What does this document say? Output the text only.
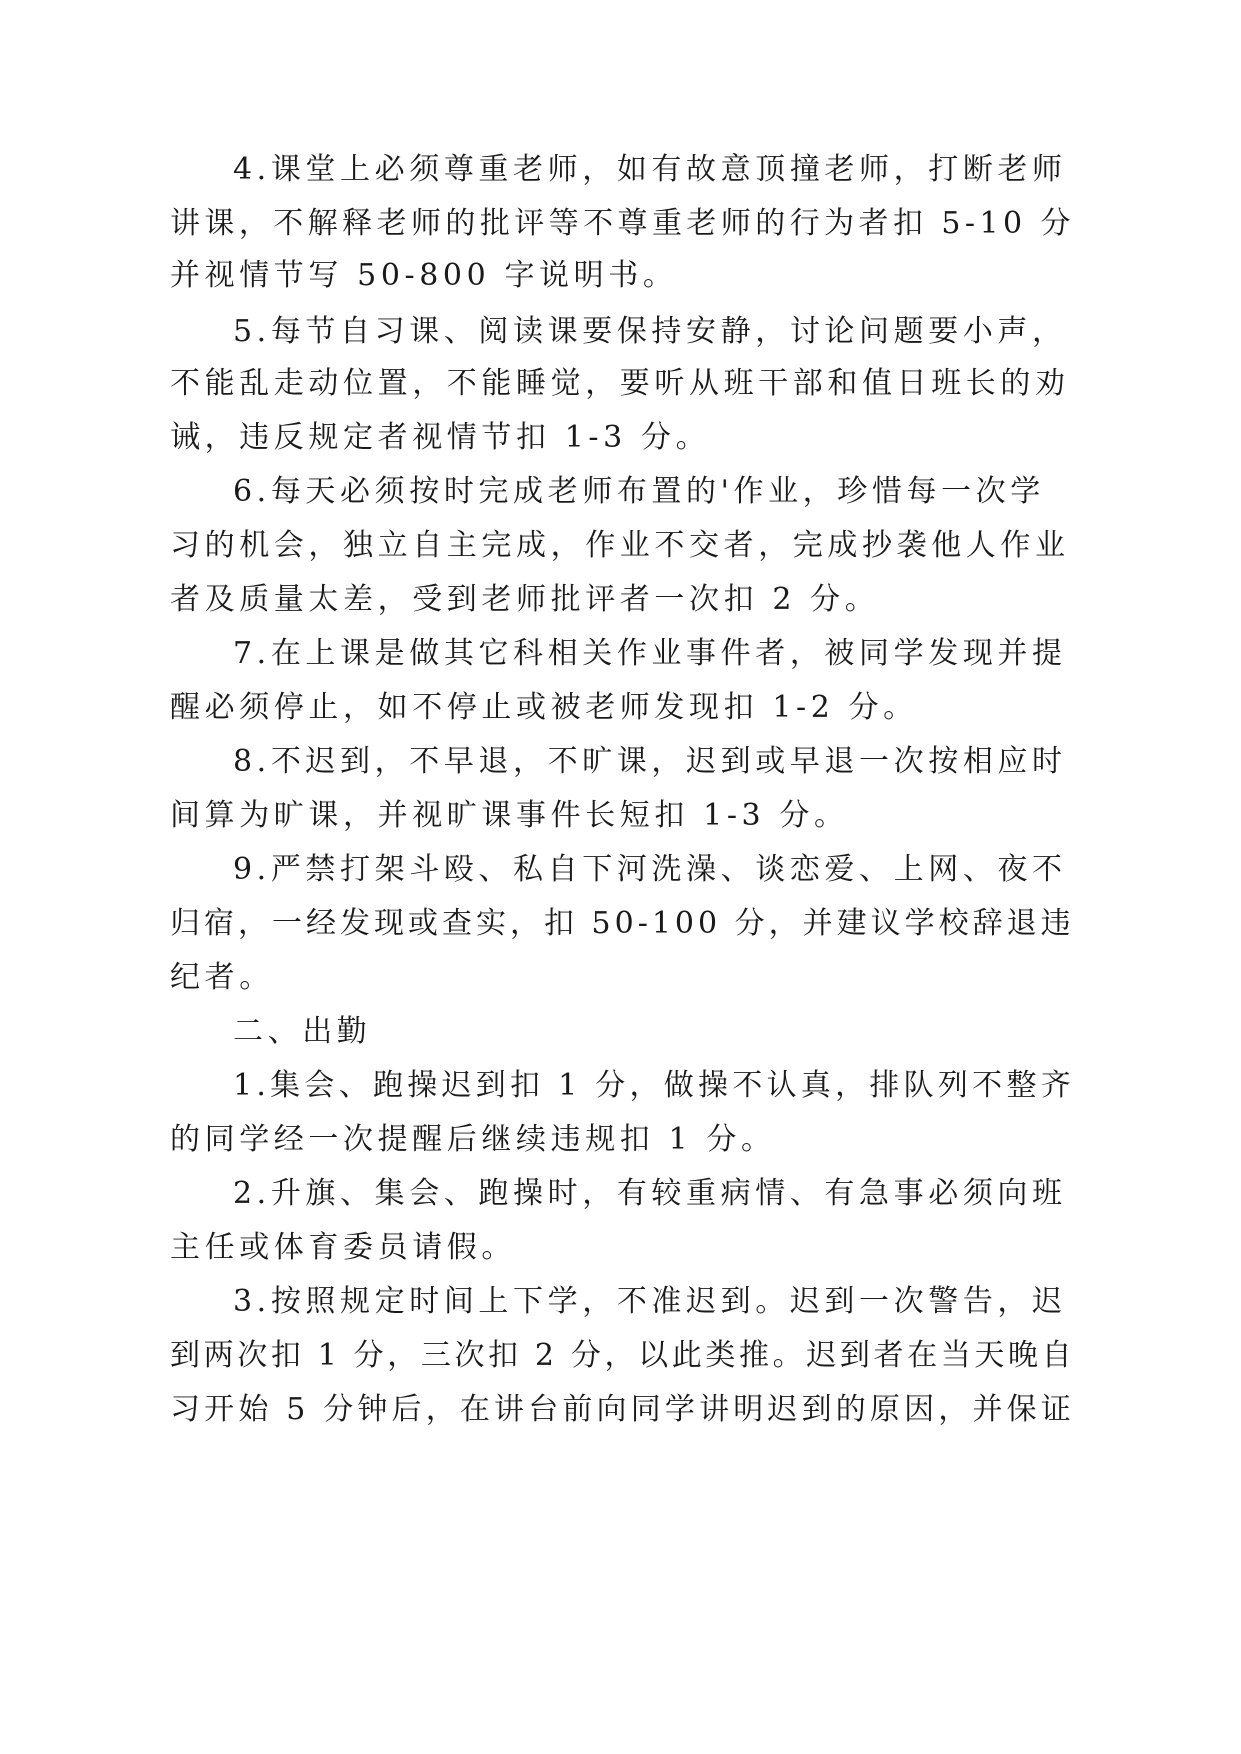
4.课堂上必须尊重老师，如有故意顶撞老师，打断老师
讲课，不解释老师的批评等不尊重老师的行为者扣 5-10 分
并视情节写 50-800 字说明书。
5.每节自习课、阅读课要保持安静，讨论问题要小声，
不能乱走动位置，不能睡觉，要听从班干部和值日班长的劝
诫，违反规定者视情节扣 1-3 分。
6.每天必须按时完成老师布置的'作业，珍惜每一次学
习的机会，独立自主完成，作业不交者，完成抄袭他人作业
者及质量太差，受到老师批评者一次扣 2 分。
7.在上课是做其它科相关作业事件者，被同学发现并提
醒必须停止，如不停止或被老师发现扣 1-2 分。
8.不迟到，不早退，不旷课，迟到或早退一次按相应时
间算为旷课，并视旷课事件长短扣 1-3 分。
9.严禁打架斗殴、私自下河洗澡、谈恋爱、上网、夜不
归宿，一经发现或查实，扣 50-100 分，并建议学校辞退违
纪者。
二、出勤
1.集会、跑操迟到扣 1 分，做操不认真，排队列不整齐
的同学经一次提醒后继续违规扣 1 分。
2.升旗、集会、跑操时，有较重病情、有急事必须向班
主任或体育委员请假。
3.按照规定时间上下学，不准迟到。迟到一次警告，迟
到两次扣 1 分，三次扣 2 分，以此类推。迟到者在当天晚自
习开始 5 分钟后，在讲台前向同学讲明迟到的原因，并保证
